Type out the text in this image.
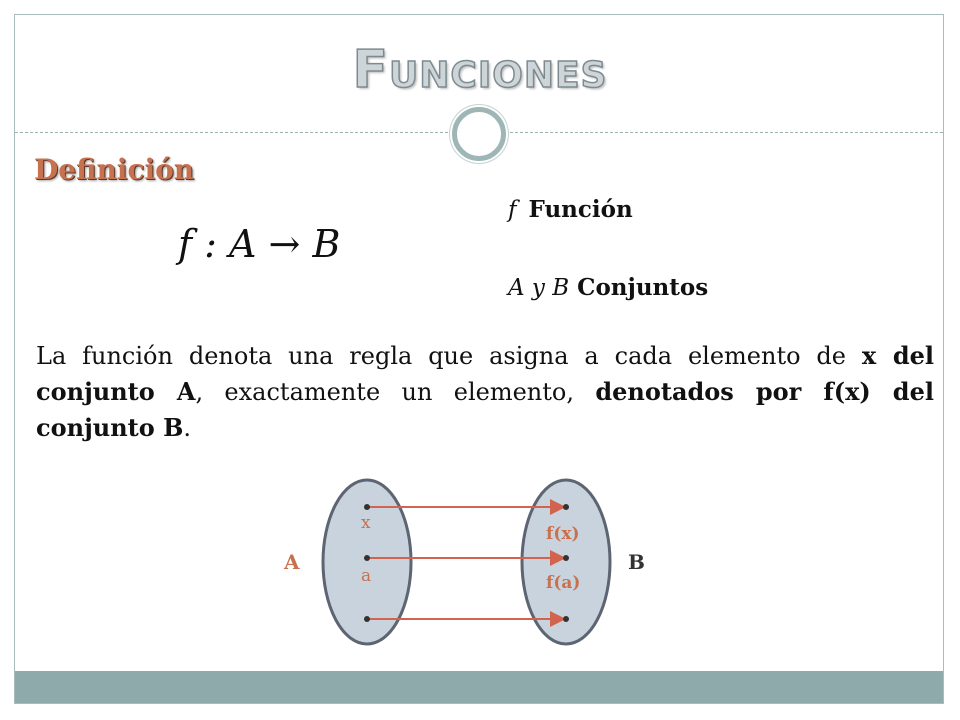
Funciones
Definición
f : A → B
f Función
A y B Conjuntos
La función denota una regla que asigna a cada elemento de x del conjunto A, exactamente un elemento, denotados por f(x) del conjunto B.
x
a
f(x)
f(a)
A	B
